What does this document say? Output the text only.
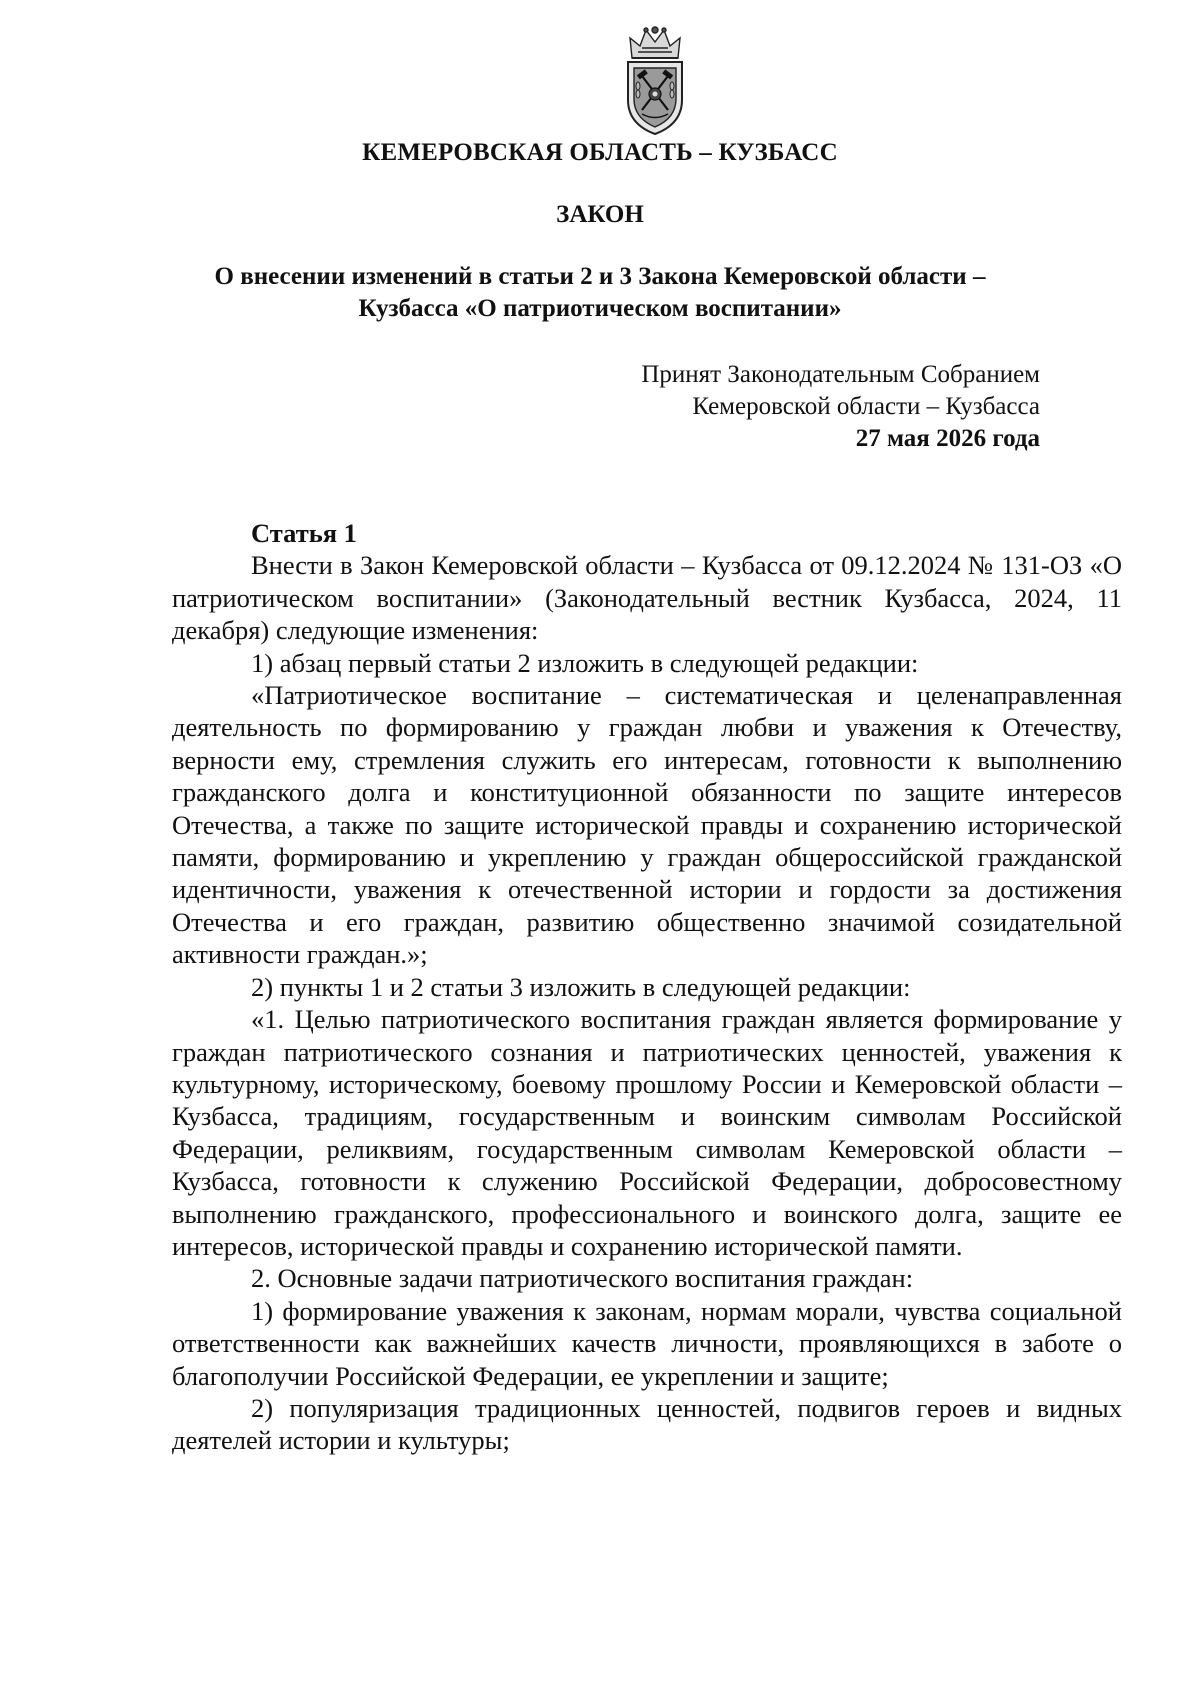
КЕМЕРОВСКАЯ ОБЛАСТЬ – КУЗБАСС
ЗАКОН
О внесении изменений в статьи 2 и 3 Закона Кемеровской области –
Кузбасса «О патриотическом воспитании»
Принят Законодательным Собранием
Кемеровской области – Кузбасса
27 мая 2026 года

Статья 1

Внести в Закон Кемеровской области – Кузбасса от 09.12.2024 № 131-ОЗ «О патриотическом воспитании» (Законодательный вестник Кузбасса, 2024, 11 декабря) следующие изменения:

1) абзац первый статьи 2 изложить в следующей редакции:

«Патриотическое воспитание – систематическая и целенаправленная деятельность по формированию у граждан любви и уважения к Отечеству, верности ему, стремления служить его интересам, готовности к выполнению гражданского долга и конституционной обязанности по защите интересов Отечества, а также по защите исторической правды и сохранению исторической памяти, формированию и укреплению у граждан общероссийской гражданской идентичности, уважения к отечественной истории и гордости за достижения Отечества и его граждан, развитию общественно значимой созидательной активности граждан.»;

2) пункты 1 и 2 статьи 3 изложить в следующей редакции:

«1. Целью патриотического воспитания граждан является формирование у граждан патриотического сознания и патриотических ценностей, уважения к культурному, историческому, боевому прошлому России и Кемеровской области – Кузбасса, традициям, государственным и воинским символам Российской Федерации, реликвиям, государственным символам Кемеровской области – Кузбасса, готовности к служению Российской Федерации, добросовестному выполнению гражданского, профессионального и воинского долга, защите ее интересов, исторической правды и сохранению исторической памяти.

2. Основные задачи патриотического воспитания граждан:

1) формирование уважения к законам, нормам морали, чувства социальной ответственности как важнейших качеств личности, проявляющихся в заботе о благополучии Российской Федерации, ее укреплении и защите;

2) популяризация традиционных ценностей, подвигов героев и видных деятелей истории и культуры;
